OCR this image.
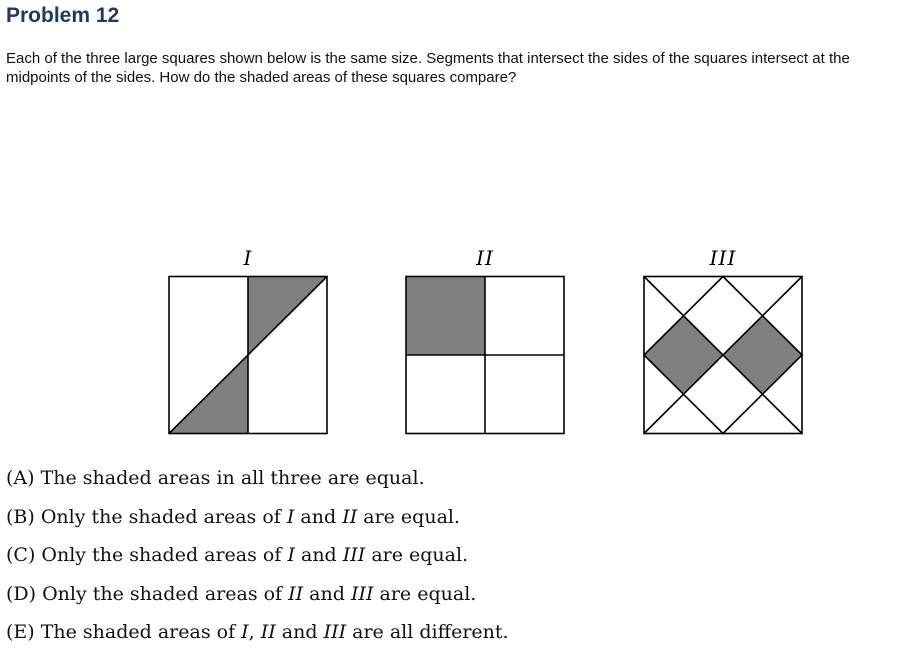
Problem 12
Each of the three large squares shown below is the same size. Segments that intersect the sides of the squares intersect at the midpoints of the sides. How do the shaded areas of these squares compare?
I	II	III
(A) The shaded areas in all three are equal.
(B) Only the shaded areas of I and II are equal.
(C) Only the shaded areas of I and III are equal.
(D) Only the shaded areas of II and III are equal.
(E) The shaded areas of I, II and III are all different.
